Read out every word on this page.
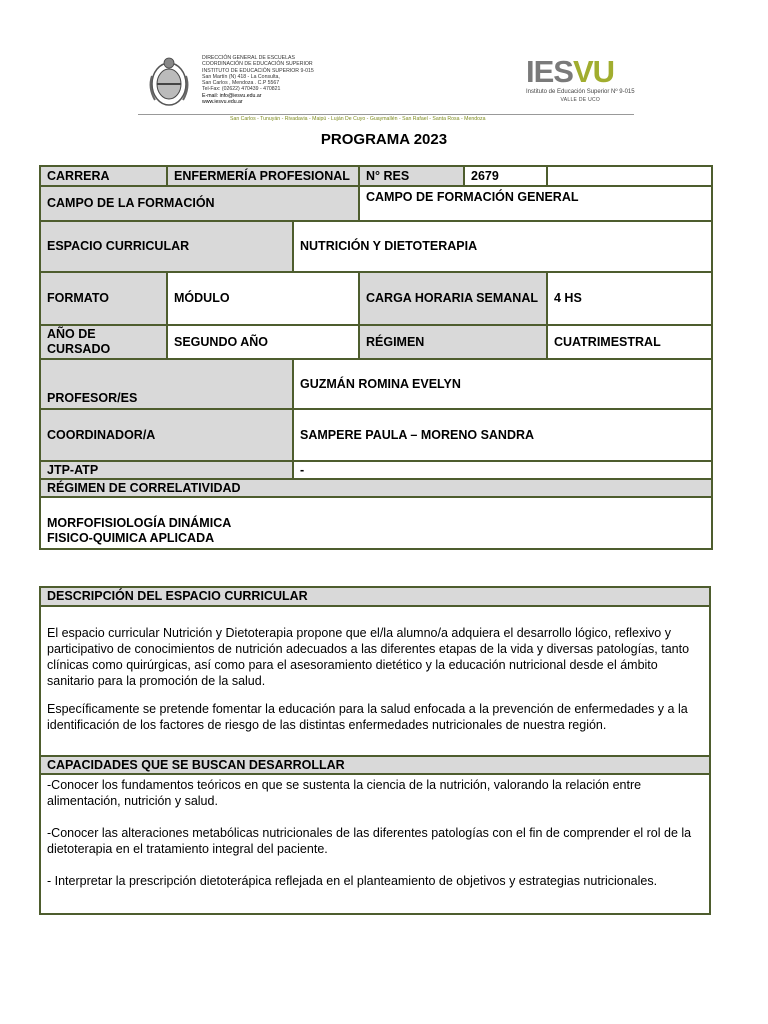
DIRECCIÓN GENERAL DE ESCUELAS
COORDINACIÓN DE EDUCACIÓN SUPERIOR
INSTITUTO DE EDUCACIÓN SUPERIOR 9-015
San Martín (N) 418 - La Consulta,
San Carlos , Mendoza . C.P 5567
Tel-Fax: (02622) 470439 - 470821
E-mail: info@iesvu.edu.ar
www.iesvu.edu.ar
IESVU
Instituto de Educación Superior Nº 9-015
VALLE DE UCO
San Carlos - Tunuyán - Rivadavia - Maipú - Luján De Cuyo - Guaymallén - San Rafael - Santa Rosa - Mendoza
PROGRAMA 2023
CARRERA	ENFERMERÍA PROFESIONAL		N° RES	2679	
CAMPO DE LA FORMACIÓN			CAMPO DE FORMACIÓN GENERAL		
ESPACIO CURRICULAR		NUTRICIÓN Y DIETOTERAPIA			
FORMATO	MÓDULO		CARGA HORARIA SEMANAL		4 HS

AÑO DE
CURSADO	SEGUNDO AÑO		RÉGIMEN		CUATRIMESTRAL
PROFESOR/ES		GUZMÁN ROMINA EVELYN			
COORDINADOR/A		SAMPERE PAULA – MORENO SANDRA			
JTP-ATP		-			
RÉGIMEN DE CORRELATIVIDAD					

MORFOFISIOLOGÍA DINÁMICA
FISICO-QUIMICA APLICADA					
DESCRIPCIÓN DEL ESPACIO CURRICULAR

El espacio curricular Nutrición y Dietoterapia propone que el/la alumno/a adquiera el desarrollo lógico, reflexivo y participativo de conocimientos de nutrición adecuados a las diferentes etapas de la vida y diversas patologías, tanto clínicas como quirúrgicas, así como para el asesoramiento dietético y la educación nutricional desde el ámbito sanitario para la promoción de la salud.

Específicamente se pretende fomentar la educación para la salud enfocada a la prevención de enfermedades y a la identificación de los factores de riesgo de las distintas enfermedades nutricionales de nuestra región.

CAPACIDADES QUE SE BUSCAN DESARROLLAR

-Conocer los fundamentos teóricos en que se sustenta la ciencia de la nutrición, valorando la relación entre alimentación, nutrición y salud.

-Conocer las alteraciones metabólicas nutricionales de las diferentes patologías con el fin de comprender el rol de la dietoterapia en el tratamiento integral del paciente.

- Interpretar la prescripción dietoterápica reflejada en el planteamiento de objetivos y estrategias nutricionales.
